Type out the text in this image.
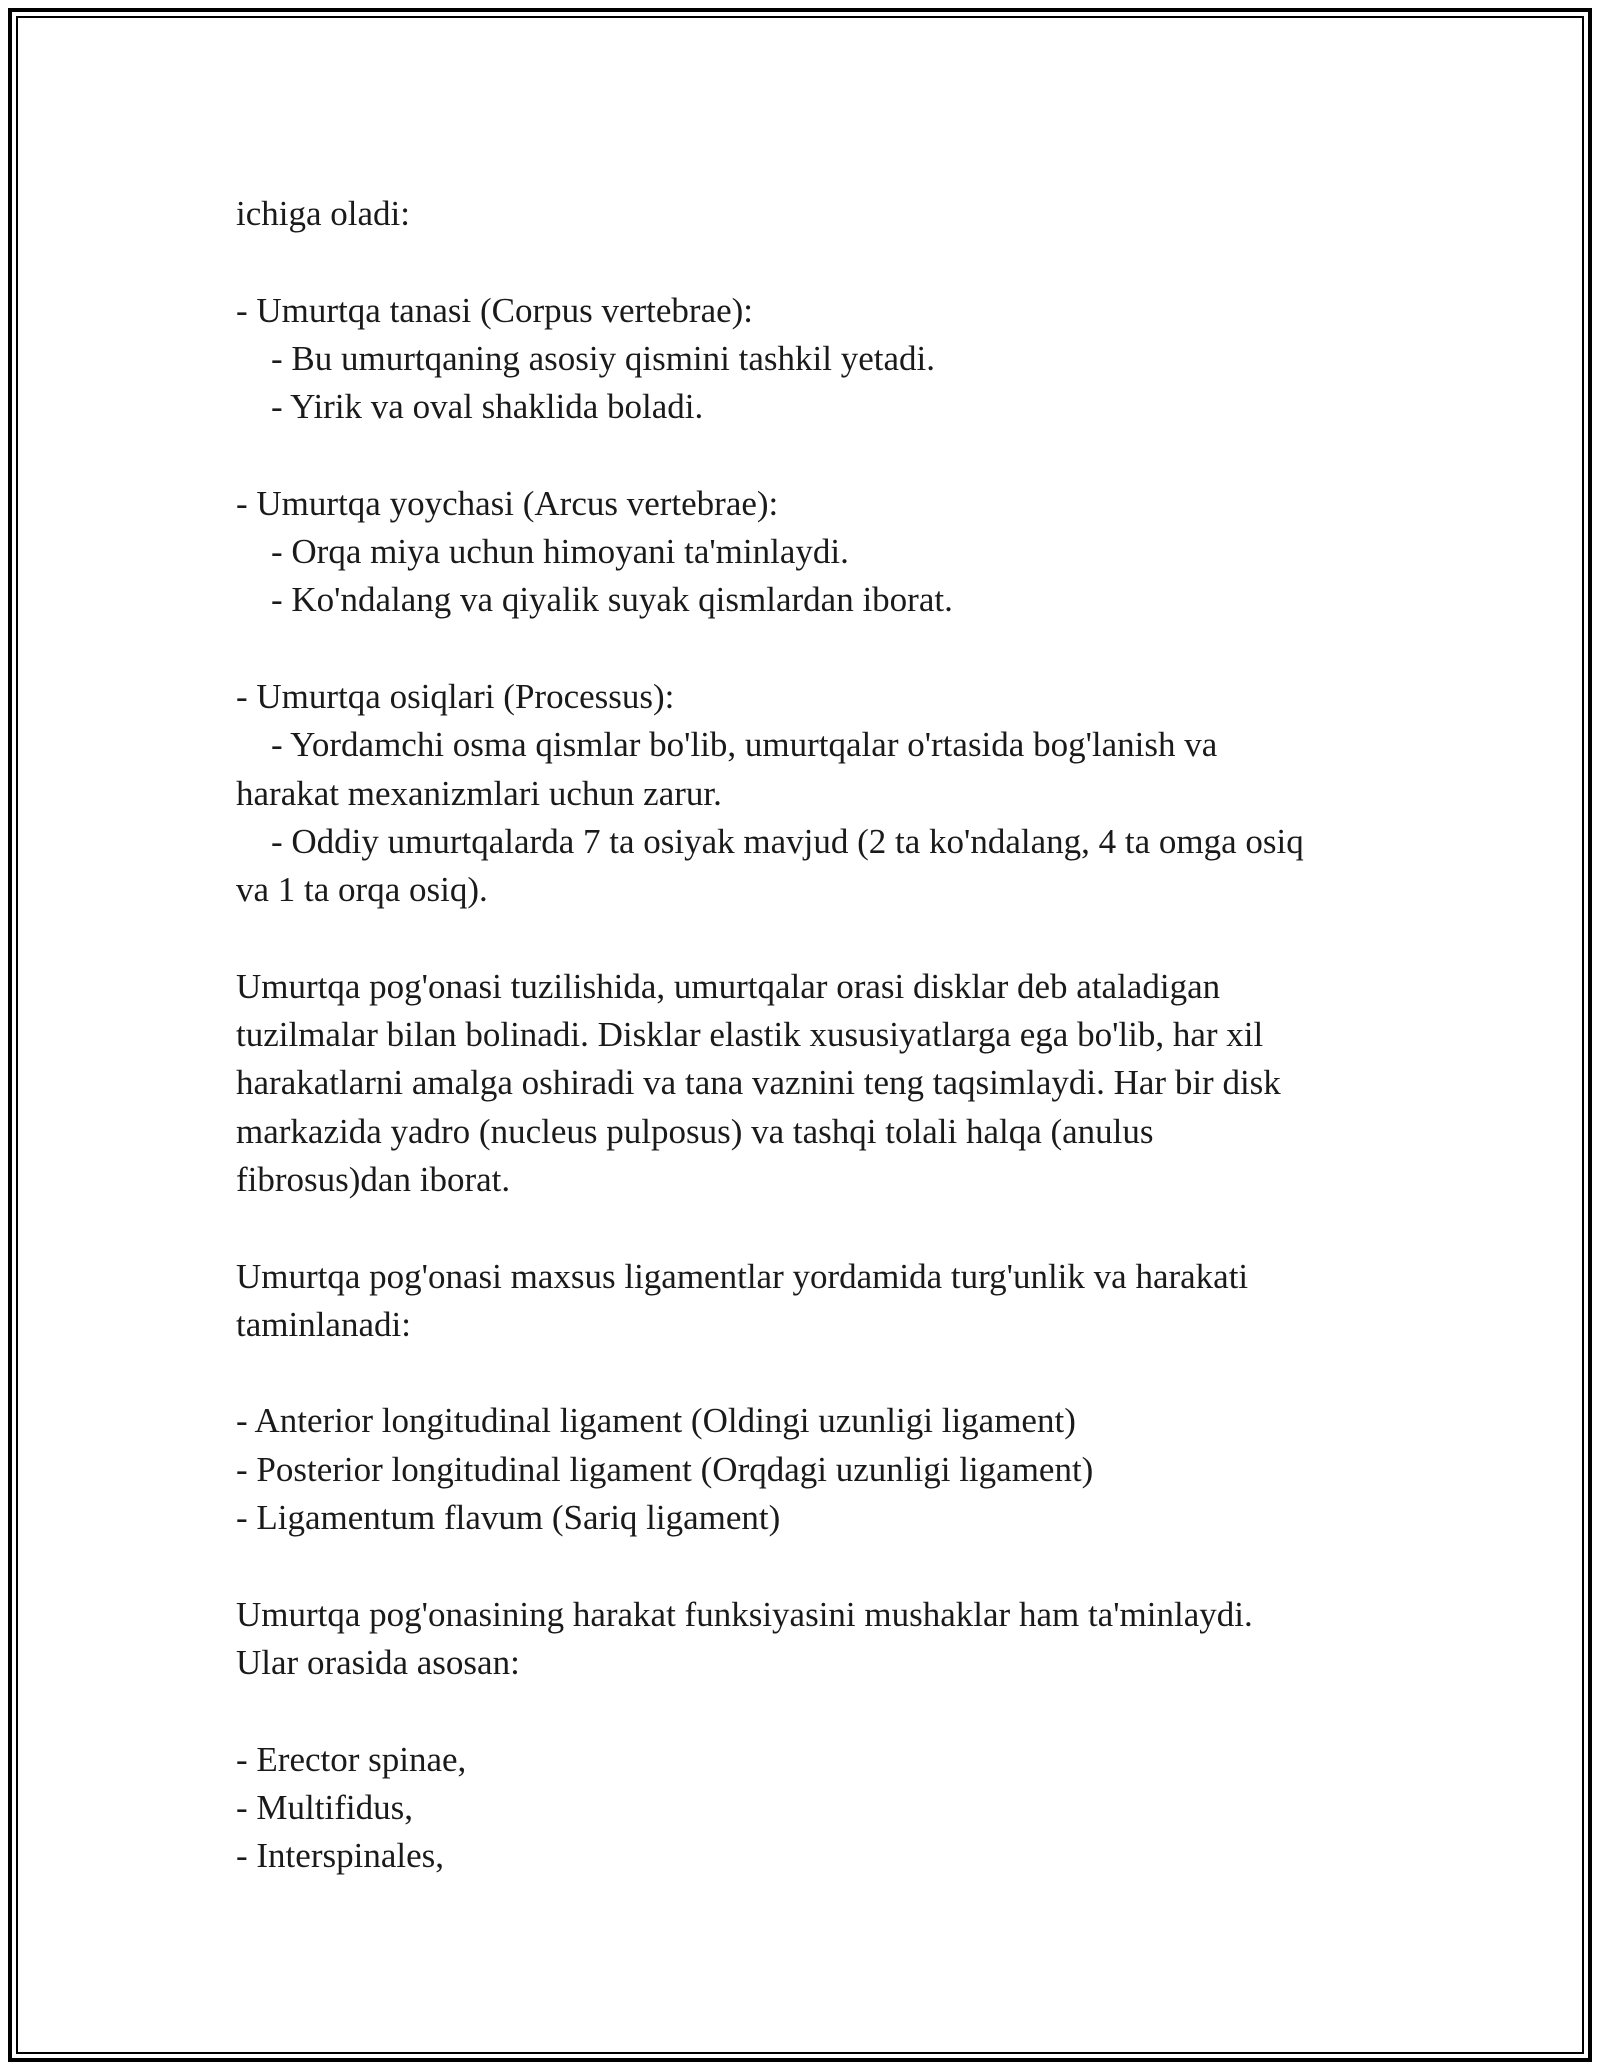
ichiga oladi:
- Umurtqa tanasi (Corpus vertebrae):
- Bu umurtqaning asosiy qismini tashkil yetadi.
- Yirik va oval shaklida boladi.
- Umurtqa yoychasi (Arcus vertebrae):
- Orqa miya uchun himoyani ta'minlaydi.
- Ko'ndalang va qiyalik suyak qismlardan iborat.
- Umurtqa osiqlari (Processus):
- Yordamchi osma qismlar bo'lib, umurtqalar o'rtasida bog'lanish va
harakat mexanizmlari uchun zarur.
- Oddiy umurtqalarda 7 ta osiyak mavjud (2 ta ko'ndalang, 4 ta omga osiq
va 1 ta orqa osiq).
Umurtqa pog'onasi tuzilishida, umurtqalar orasi disklar deb ataladigan
tuzilmalar bilan bolinadi. Disklar elastik xususiyatlarga ega bo'lib, har xil
harakatlarni amalga oshiradi va tana vaznini teng taqsimlaydi. Har bir disk
markazida yadro (nucleus pulposus) va tashqi tolali halqa (anulus
fibrosus)dan iborat.
Umurtqa pog'onasi maxsus ligamentlar yordamida turg'unlik va harakati
taminlanadi:
- Anterior longitudinal ligament (Oldingi uzunligi ligament)
- Posterior longitudinal ligament (Orqdagi uzunligi ligament)
- Ligamentum flavum (Sariq ligament)
Umurtqa pog'onasining harakat funksiyasini mushaklar ham ta'minlaydi.
Ular orasida asosan:
- Erector spinae,
- Multifidus,
- Interspinales,
